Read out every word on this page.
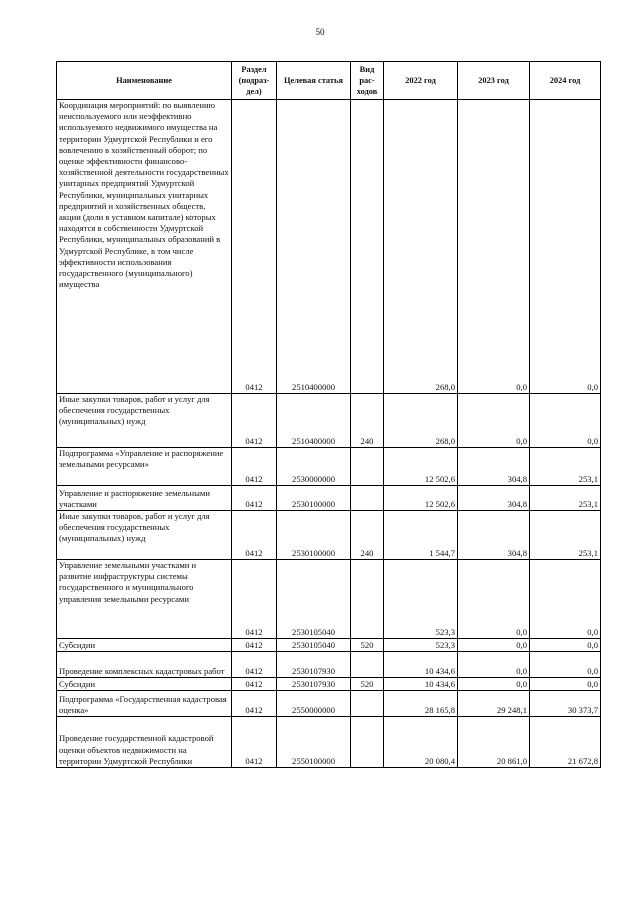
50
Наименование	Раздел (подраз- дел)	Целевая статья	Вид рас- ходов	2022 год	2023 год	2024 год
Координация мероприятий: по выявлению неиспользуемого или неэффективно используемого недвижимого имущества на территории Удмуртской Республики и его вовлечению в хозяйственный оборот; по оценке эффективности финансово-хозяйственной деятельности государственных унитарных предприятий Удмуртской Республики, муниципальных унитарных предприятий и хозяйственных обществ, акции (доли в уставном капитале) которых находятся в собственности Удмуртской Республики, муниципальных образований в Удмуртской Республике, в том числе эффективности использования государственного (муниципального) имущества	0412	2510400000		268,0	0,0	0,0
Иные закупки товаров, работ и услуг для обеспечения государственных (муниципальных) нужд	0412	2510400000	240	268,0	0,0	0,0
Подпрограмма «Управление и распоряжение земельными ресурсами»	0412	2530000000		12 502,6	304,8	253,1
Управление и распоряжение земельными участками	0412	2530100000		12 502,6	304,8	253,1
Иные закупки товаров, работ и услуг для обеспечения государственных (муниципальных) нужд	0412	2530100000	240	1 544,7	304,8	253,1
Управление земельными участками и развитие инфраструктуры системы государственного и муниципального управления земельными ресурсами	0412	2530105040		523,3	0,0	0,0
Субсидии	0412	2530105040	520	523,3	0,0	0,0
Проведение комплексных кадастровых работ	0412	2530107930		10 434,6	0,0	0,0
Субсидии	0412	2530107930	520	10 434,6	0,0	0,0
Подпрограмма «Государственная кадастровая оценка»	0412	2550000000		28 165,8	29 248,1	30 373,7
Проведение государственной кадастровой оценки объектов недвижимости на территории Удмуртской Республики	0412	2550100000		20 080,4	20 861,0	21 672,8
